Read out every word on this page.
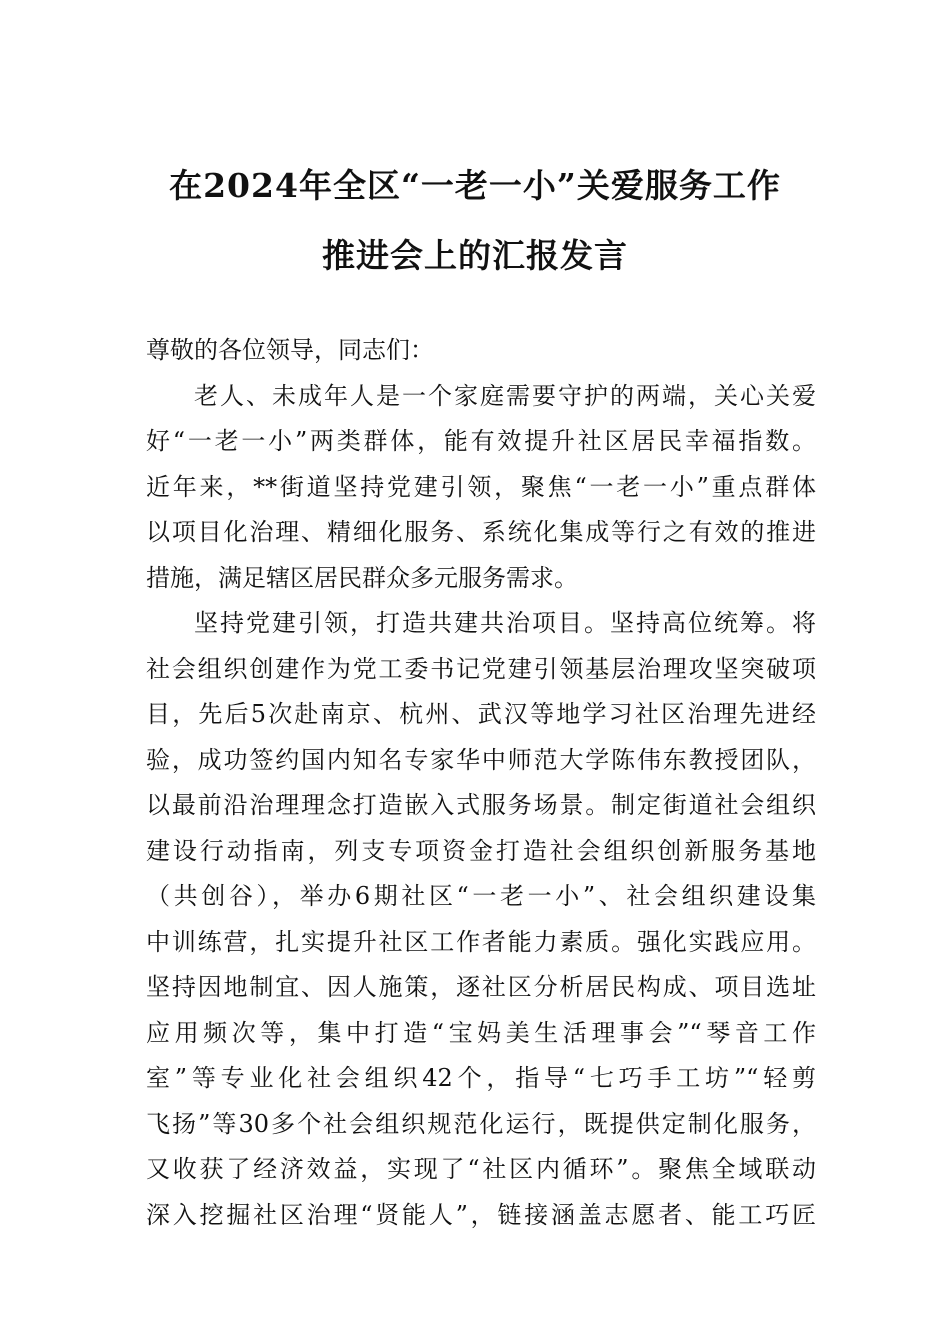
在2024年全区“一老一小”关爱服务工作
推进会上的汇报发言
尊敬的各位领导，同志们：
老人、未成年人是一个家庭需要守护的两端，关心关爱
好“一老一小”两类群体，能有效提升社区居民幸福指数。
近年来，**街道坚持党建引领，聚焦“一老一小”重点群体
以项目化治理、精细化服务、系统化集成等行之有效的推进
措施，满足辖区居民群众多元服务需求。
坚持党建引领，打造共建共治项目。坚持高位统筹。将
社会组织创建作为党工委书记党建引领基层治理攻坚突破项
目，先后5次赴南京、杭州、武汉等地学习社区治理先进经
验，成功签约国内知名专家华中师范大学陈伟东教授团队，
以最前沿治理理念打造嵌入式服务场景。制定街道社会组织
建设行动指南，列支专项资金打造社会组织创新服务基地
（共创谷），举办6期社区“一老一小”、社会组织建设集
中训练营，扎实提升社区工作者能力素质。强化实践应用。
坚持因地制宜、因人施策，逐社区分析居民构成、项目选址
应用频次等，集中打造“宝妈美生活理事会”“琴音工作
室”等专业化社会组织42个，指导“七巧手工坊”“轻剪
飞扬”等30多个社会组织规范化运行，既提供定制化服务，
又收获了经济效益，实现了“社区内循环”。聚焦全域联动
深入挖掘社区治理“贤能人”，链接涵盖志愿者、能工巧匠
